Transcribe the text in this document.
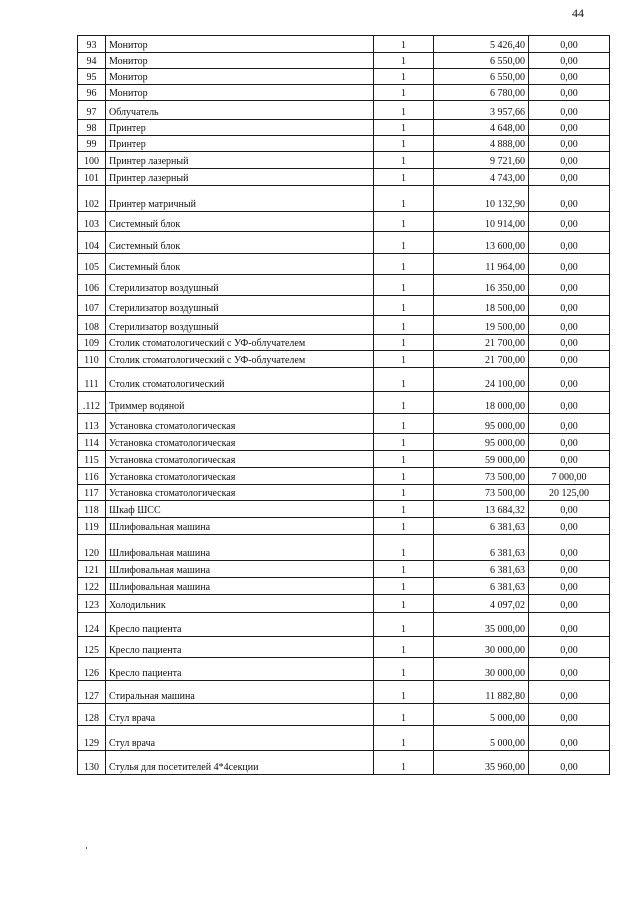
44
93	Монитор	1	5 426,40	0,00
94	Монитор	1	6 550,00	0,00
95	Монитор	1	6 550,00	0,00
96	Монитор	1	6 780,00	0,00
97	Облучатель	1	3 957,66	0,00
98	Принтер	1	4 648,00	0,00
99	Принтер	1	4 888,00	0,00
100	Принтер лазерный	1	9 721,60	0,00
101	Принтер лазерный	1	4 743,00	0,00
102	Принтер матричный	1	10 132,90	0,00
103	Системный блок	1	10 914,00	0,00
104	Системный блок	1	13 600,00	0,00
105	Системный блок	1	11 964,00	0,00
106	Стерилизатор воздушный	1	16 350,00	0,00
107	Стерилизатор воздушный	1	18 500,00	0,00
108	Стерилизатор воздушный	1	19 500,00	0,00
109	Столик стоматологический с УФ-облучателем	1	21 700,00	0,00
110	Столик стоматологический с УФ-облучателем	1	21 700,00	0,00
111	Столик стоматологический	1	24 100,00	0,00
.112	Триммер водяной	1	18 000,00	0,00
113	Установка стоматологическая	1	95 000,00	0,00
114	Установка стоматологическая	1	95 000,00	0,00
115	Установка стоматологическая	1	59 000,00	0,00
116	Установка стоматологическая	1	73 500,00	7 000,00
117	Установка стоматологическая	1	73 500,00	20 125,00
118	Шкаф ШСС	1	13 684,32	0,00
119	Шлифовальная машина	1	6 381,63	0,00
120	Шлифовальная машина	1	6 381,63	0,00
121	Шлифовальная машина	1	6 381,63	0,00
122	Шлифовальная машина	1	6 381,63	0,00
123	Холодильник	1	4 097,02	0,00
124	Кресло пациента	1	35 000,00	0,00
125	Кресло пациента	1	30 000,00	0,00
126	Кресло пациента	1	30 000,00	0,00
127	Стиральная машина	1	11 882,80	0,00
128	Стул врача	1	5 000,00	0,00
129	Стул врача	1	5 000,00	0,00
130	Стулья для посетителей 4*4секции	1	35 960,00	0,00
